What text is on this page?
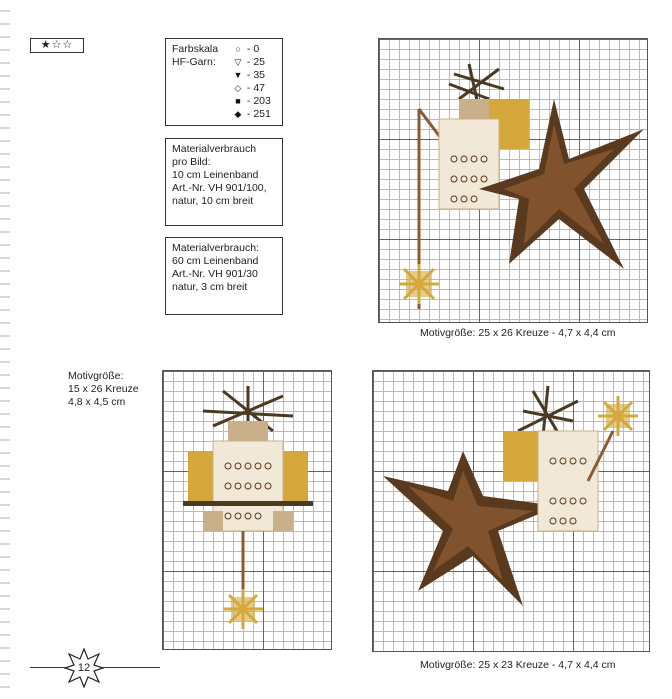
★☆☆	Farbskala
HF-Garn:
○ - 0
▽ - 25
▼ - 35
◇ - 47
■ - 203
◆ - 251
Materialverbrauch
pro Bild:
10 cm Leinenband
Art.-Nr. VH 901/100,
natur, 10 cm breit
Materialverbrauch:
60 cm Leinenband
Art.-Nr. VH 901/30
natur, 3 cm breit
Motivgröße: 25 x 26 Kreuze - 4,7 x 4,4 cm
Motivgröße:
15 x 26 Kreuze
4,8 x 4,5 cm
Motivgröße: 25 x 23 Kreuze - 4,7 x 4,4 cm
12
